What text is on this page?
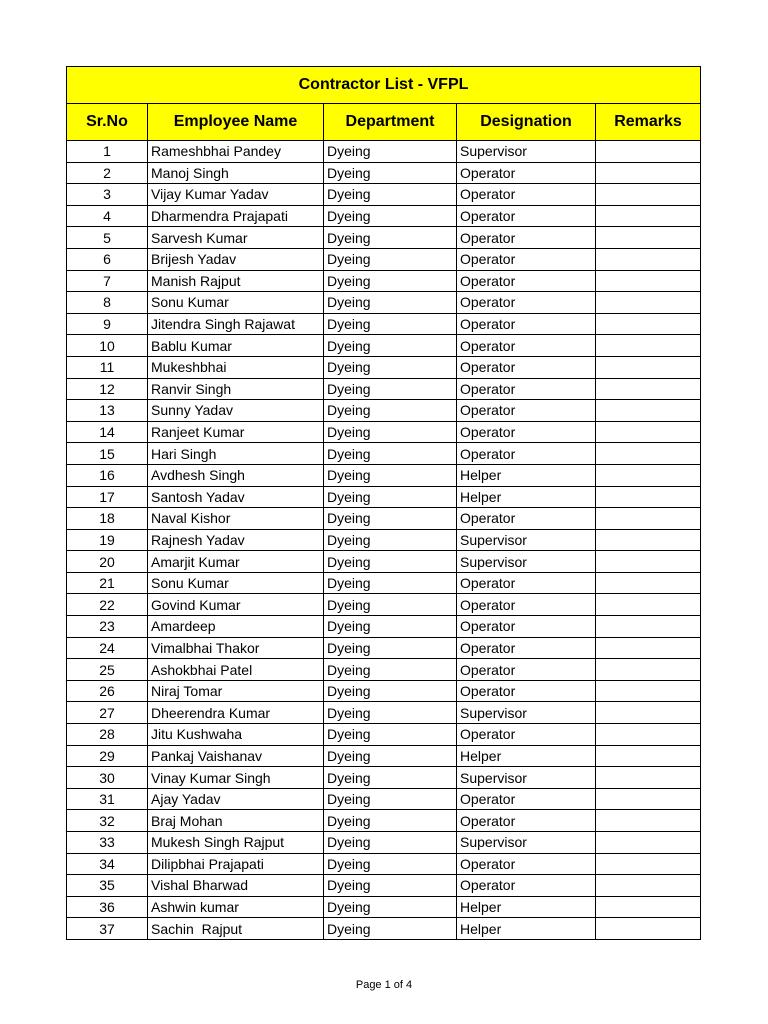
Contractor List - VFPL				
Sr.No	Employee Name	Department	Designation	Remarks
1	Rameshbhai Pandey	Dyeing	Supervisor	
2	Manoj Singh	Dyeing	Operator	
3	Vijay Kumar Yadav	Dyeing	Operator	
4	Dharmendra Prajapati	Dyeing	Operator	
5	Sarvesh Kumar	Dyeing	Operator	
6	Brijesh Yadav	Dyeing	Operator	
7	Manish Rajput	Dyeing	Operator	
8	Sonu Kumar	Dyeing	Operator	
9	Jitendra Singh Rajawat	Dyeing	Operator	
10	Bablu Kumar	Dyeing	Operator	
11	Mukeshbhai	Dyeing	Operator	
12	Ranvir Singh	Dyeing	Operator	
13	Sunny Yadav	Dyeing	Operator	
14	Ranjeet Kumar	Dyeing	Operator	
15	Hari Singh	Dyeing	Operator	
16	Avdhesh Singh	Dyeing	Helper	
17	Santosh Yadav	Dyeing	Helper	
18	Naval Kishor	Dyeing	Operator	
19	Rajnesh Yadav	Dyeing	Supervisor	
20	Amarjit Kumar	Dyeing	Supervisor	
21	Sonu Kumar	Dyeing	Operator	
22	Govind Kumar	Dyeing	Operator	
23	Amardeep	Dyeing	Operator	
24	Vimalbhai Thakor	Dyeing	Operator	
25	Ashokbhai Patel	Dyeing	Operator	
26	Niraj Tomar	Dyeing	Operator	
27	Dheerendra Kumar	Dyeing	Supervisor	
28	Jitu Kushwaha	Dyeing	Operator	
29	Pankaj Vaishanav	Dyeing	Helper	
30	Vinay Kumar Singh	Dyeing	Supervisor	
31	Ajay Yadav	Dyeing	Operator	
32	Braj Mohan	Dyeing	Operator	
33	Mukesh Singh Rajput	Dyeing	Supervisor	
34	Dilipbhai Prajapati	Dyeing	Operator	
35	Vishal Bharwad	Dyeing	Operator	
36	Ashwin kumar	Dyeing	Helper	
37	Sachin  Rajput	Dyeing	Helper	
Page 1 of 4
